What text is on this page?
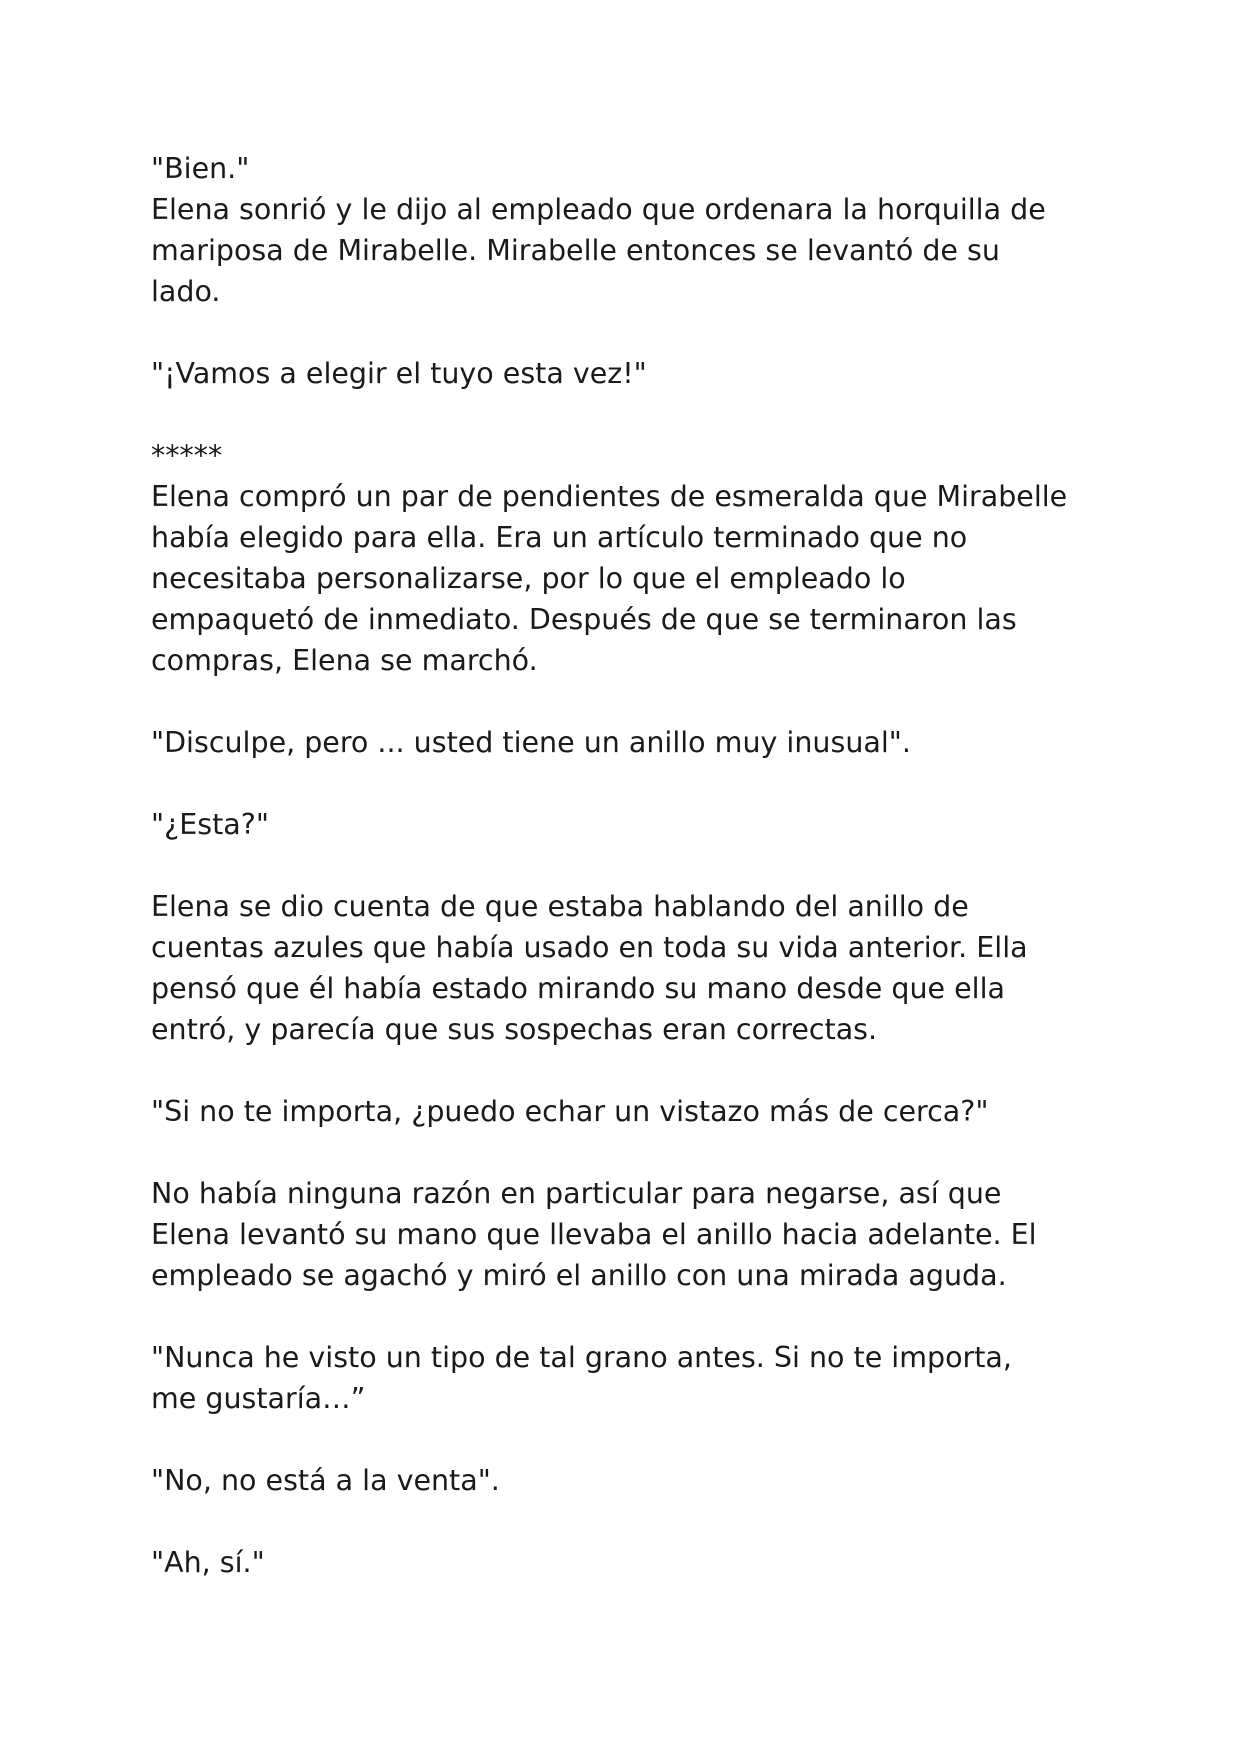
"Bien."

Elena sonrió y le dijo al empleado que ordenara la horquilla de
mariposa de Mirabelle. Mirabelle entonces se levantó de su
lado.

"¡Vamos a elegir el tuyo esta vez!"

*****

Elena compró un par de pendientes de esmeralda que Mirabelle
había elegido para ella. Era un artículo terminado que no
necesitaba personalizarse, por lo que el empleado lo
empaquetó de inmediato. Después de que se terminaron las
compras, Elena se marchó.

"Disculpe, pero ... usted tiene un anillo muy inusual".

"¿Esta?"

Elena se dio cuenta de que estaba hablando del anillo de
cuentas azules que había usado en toda su vida anterior. Ella
pensó que él había estado mirando su mano desde que ella
entró, y parecía que sus sospechas eran correctas.

"Si no te importa, ¿puedo echar un vistazo más de cerca?"

No había ninguna razón en particular para negarse, así que
Elena levantó su mano que llevaba el anillo hacia adelante. El
empleado se agachó y miró el anillo con una mirada aguda.

"Nunca he visto un tipo de tal grano antes. Si no te importa,
me gustaría…”

"No, no está a la venta".

"Ah, sí."
